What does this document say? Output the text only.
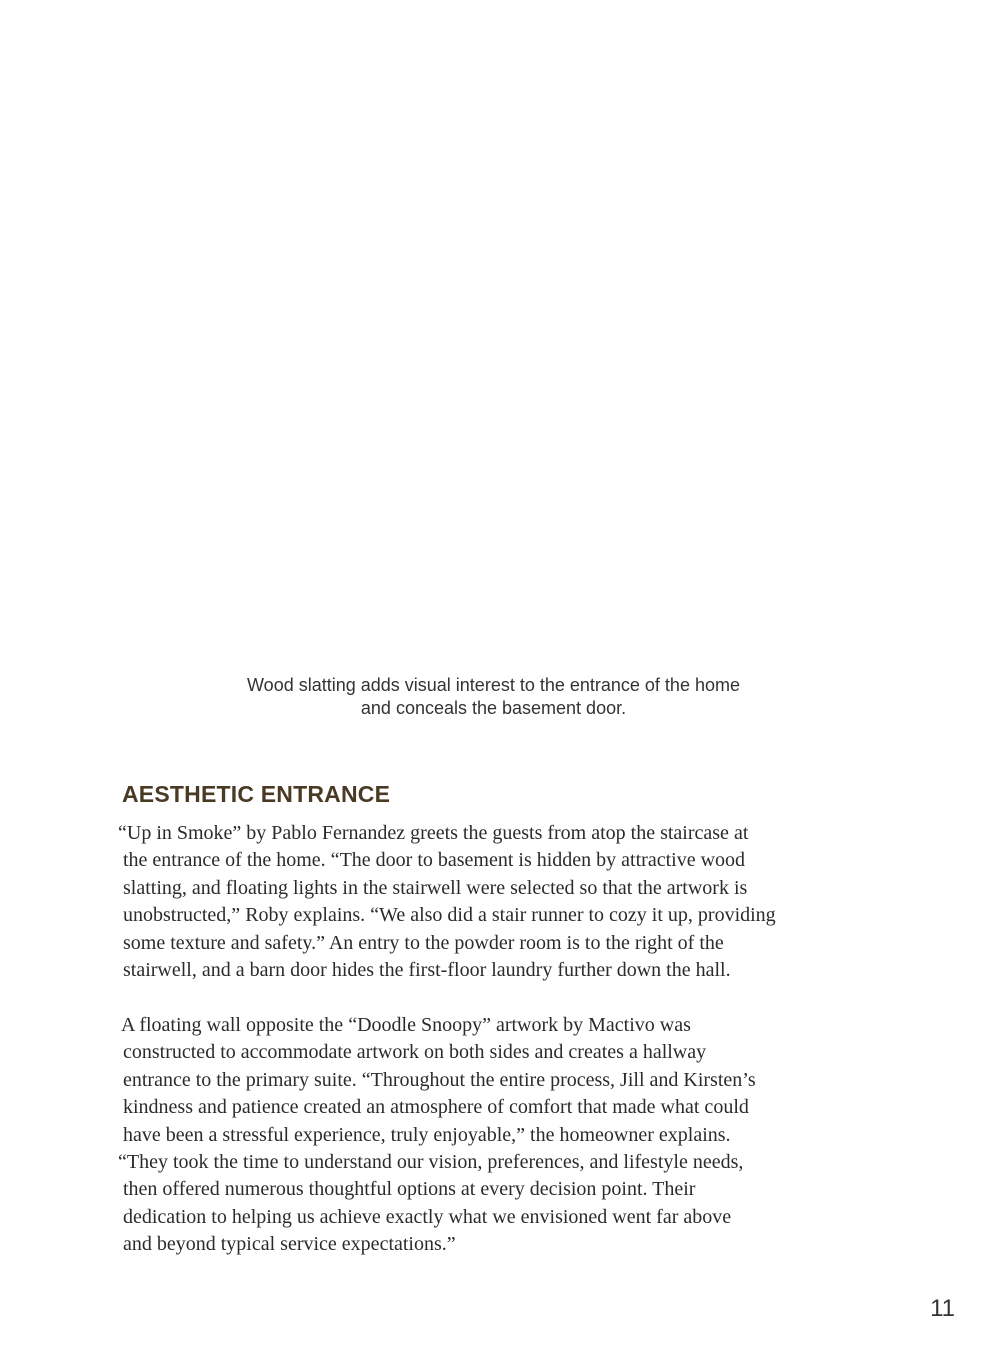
Wood slatting adds visual interest to the entrance of the home
and conceals the basement door.

AESTHETIC ENTRANCE

“Up in Smoke” by Pablo Fernandez greets the guests from atop the staircase at
the entrance of the home. “The door to basement is hidden by attractive wood
slatting, and floating lights in the stairwell were selected so that the artwork is
unobstructed,” Roby explains. “We also did a stair runner to cozy it up, providing
some texture and safety.” An entry to the powder room is to the right of the
stairwell, and a barn door hides the first-floor laundry further down the hall.

A floating wall opposite the “Doodle Snoopy” artwork by Mactivo was
constructed to accommodate artwork on both sides and creates a hallway
entrance to the primary suite. “Throughout the entire process, Jill and Kirsten’s
kindness and patience created an atmosphere of comfort that made what could
have been a stressful experience, truly enjoyable,” the homeowner explains.
“They took the time to understand our vision, preferences, and lifestyle needs,
then offered numerous thoughtful options at every decision point. Their
dedication to helping us achieve exactly what we envisioned went far above
and beyond typical service expectations.”

11
